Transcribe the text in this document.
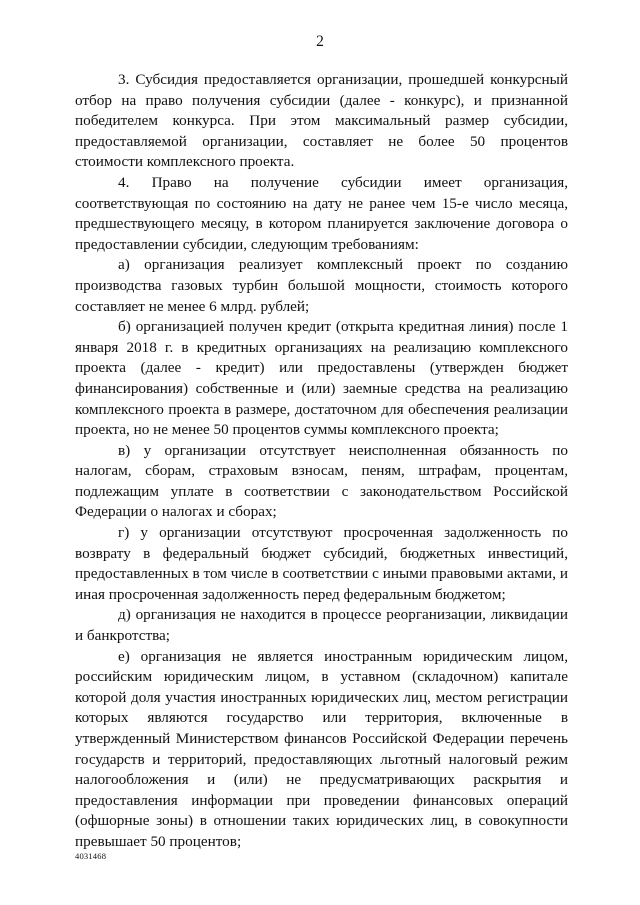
2

3. Субсидия предоставляется организации, прошедшей конкурсный отбор на право получения субсидии (далее - конкурс), и признанной победителем конкурса. При этом максимальный размер субсидии, предоставляемой организации, составляет не более 50 процентов стоимости комплексного проекта.

4. Право на получение субсидии имеет организация, соответствующая по состоянию на дату не ранее чем 15-е число месяца, предшествующего месяцу, в котором планируется заключение договора о предоставлении субсидии, следующим требованиям:

а) организация реализует комплексный проект по созданию производства газовых турбин большой мощности, стоимость которого составляет не менее 6 млрд. рублей;

б) организацией получен кредит (открыта кредитная линия) после 1 января 2018 г. в кредитных организациях на реализацию комплексного проекта (далее - кредит) или предоставлены (утвержден бюджет финансирования) собственные и (или) заемные средства на реализацию комплексного проекта в размере, достаточном для обеспечения реализации проекта, но не менее 50 процентов суммы комплексного проекта;

в) у организации отсутствует неисполненная обязанность по налогам, сборам, страховым взносам, пеням, штрафам, процентам, подлежащим уплате в соответствии с законодательством Российской Федерации о налогах и сборах;

г) у организации отсутствуют просроченная задолженность по возврату в федеральный бюджет субсидий, бюджетных инвестиций, предоставленных в том числе в соответствии с иными правовыми актами, и иная просроченная задолженность перед федеральным бюджетом;

д) организация не находится в процессе реорганизации, ликвидации и банкротства;

е) организация не является иностранным юридическим лицом, российским юридическим лицом, в уставном (складочном) капитале которой доля участия иностранных юридических лиц, местом регистрации которых являются государство или территория, включенные в утвержденный Министерством финансов Российской Федерации перечень государств и территорий, предоставляющих льготный налоговый режим налогообложения и (или) не предусматривающих раскрытия и предоставления информации при проведении финансовых операций (офшорные зоны) в отношении таких юридических лиц, в совокупности превышает 50 процентов;

4031468
